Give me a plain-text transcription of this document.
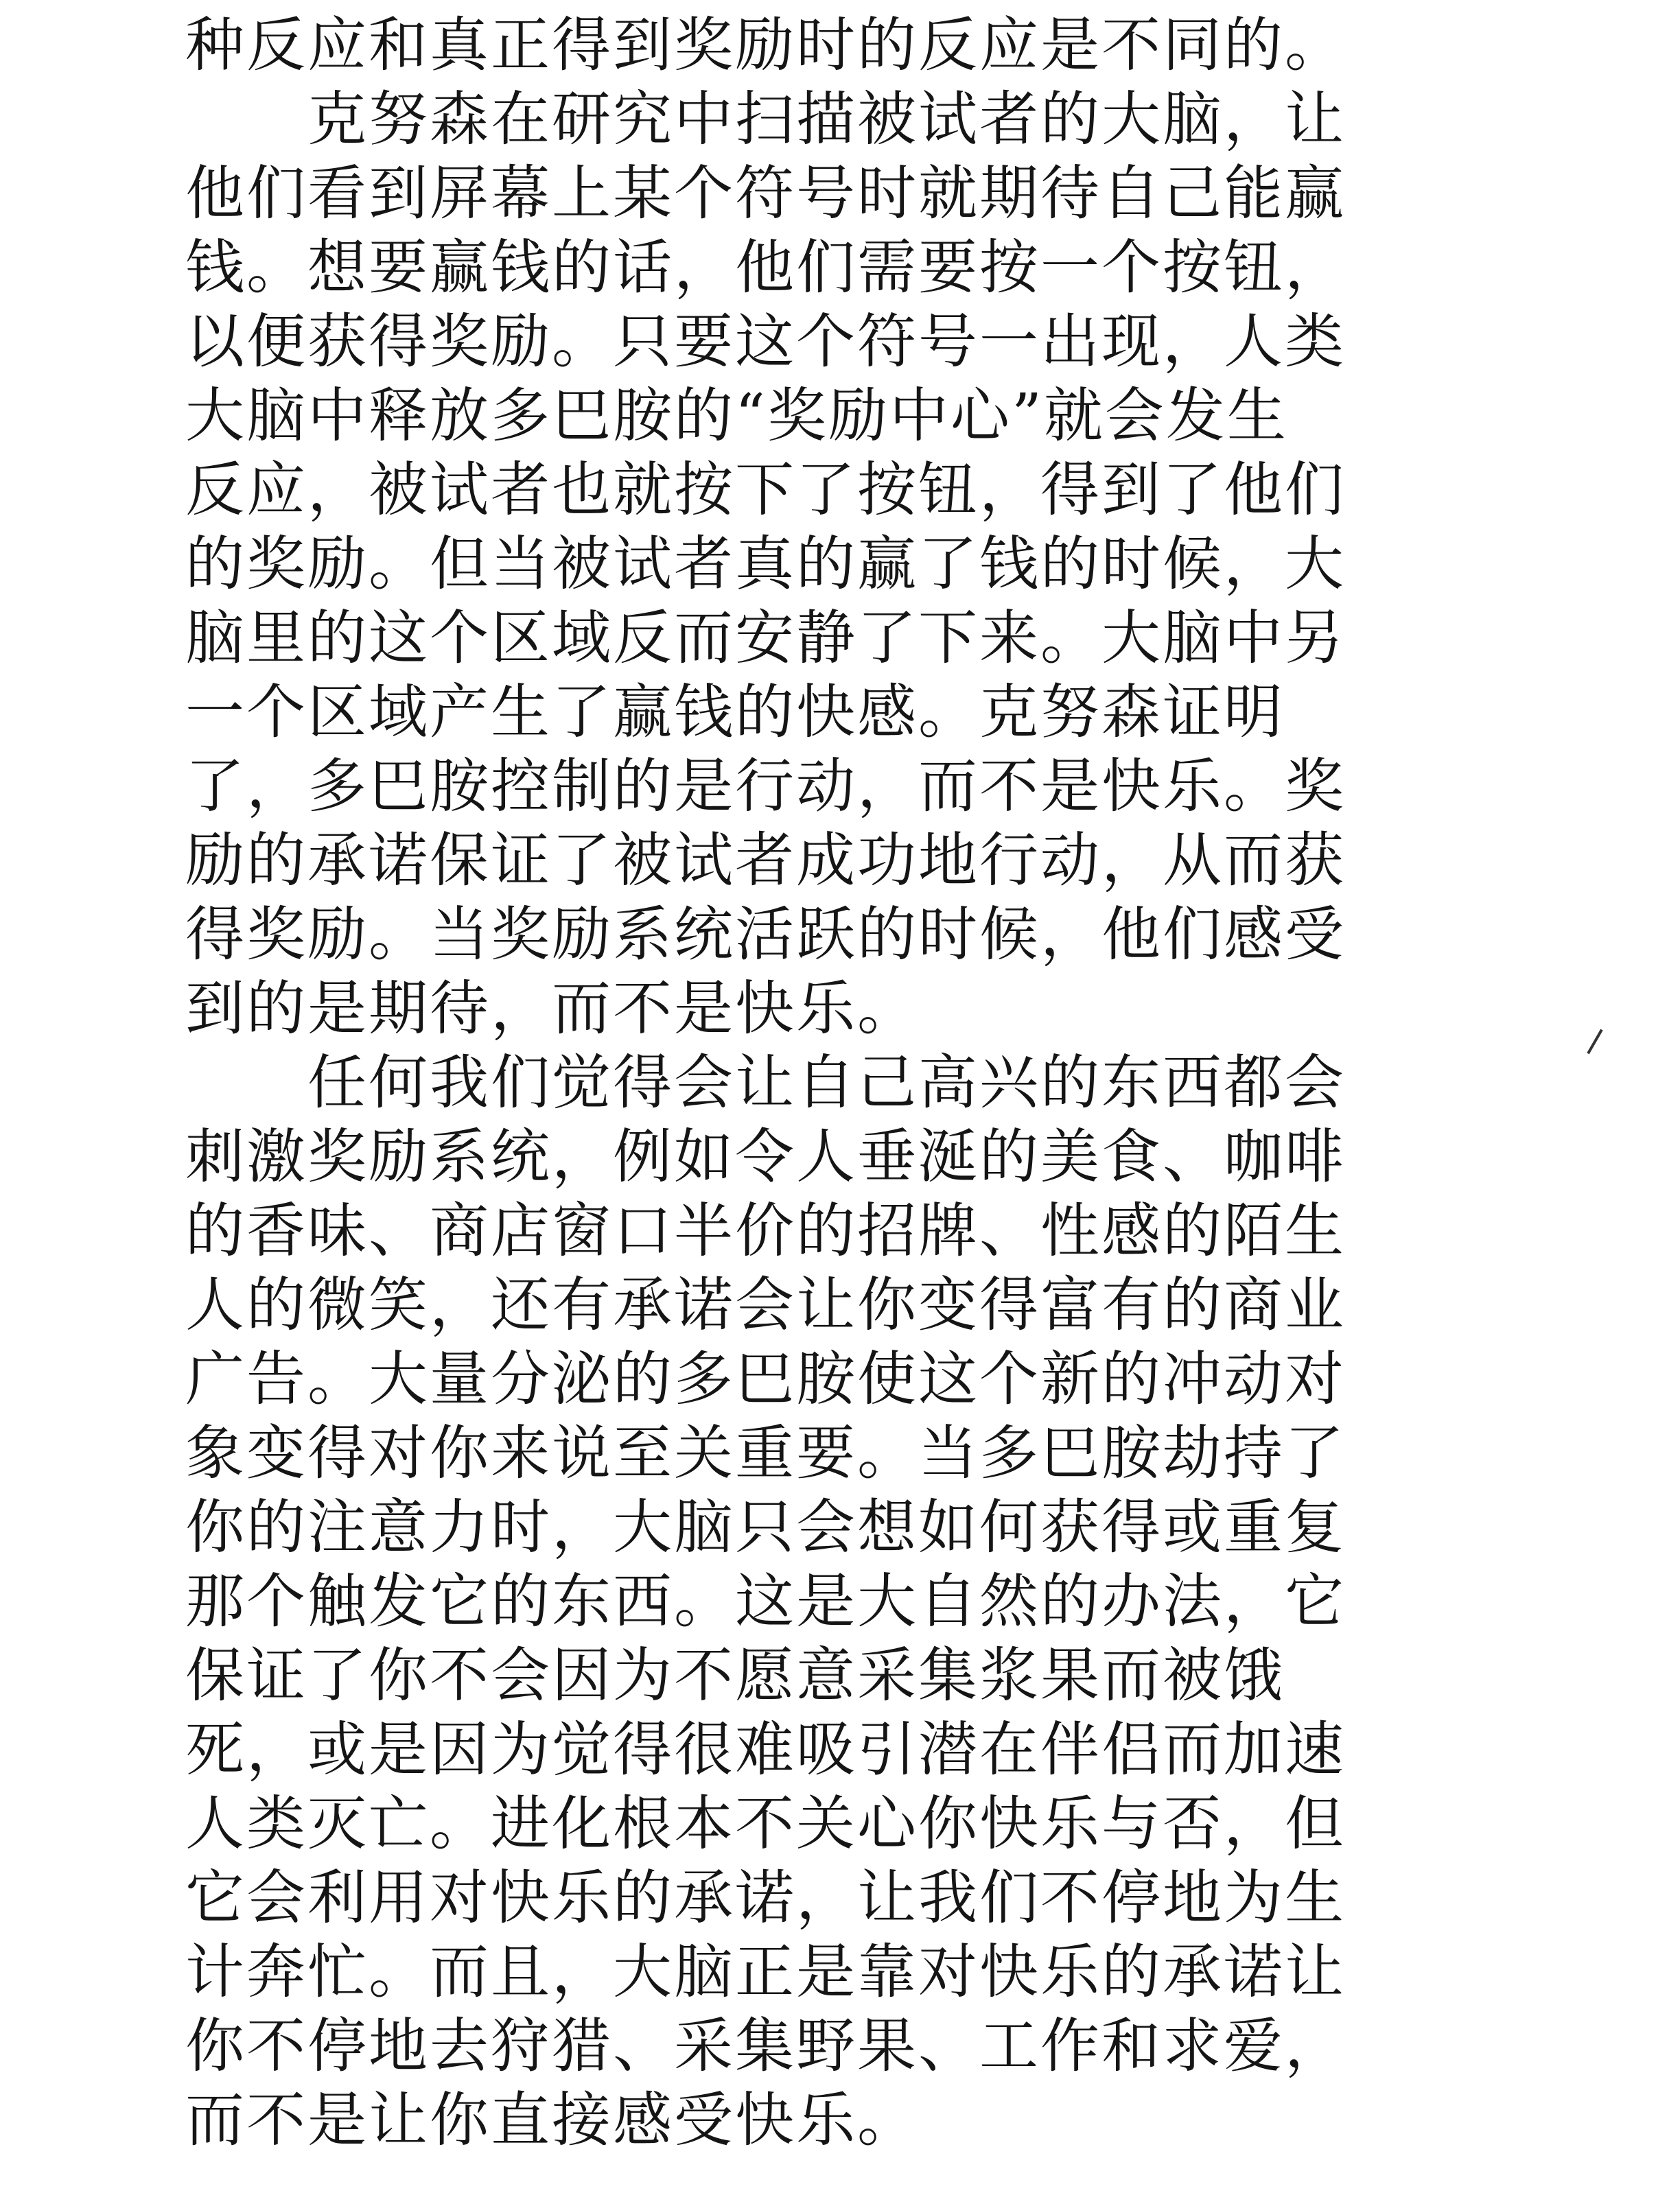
种反应和真正得到奖励时的反应是不同的。
　　克努森在研究中扫描被试者的大脑，让
他们看到屏幕上某个符号时就期待自己能赢
钱。想要赢钱的话，他们需要按一个按钮，
以便获得奖励。只要这个符号一出现，人类
大脑中释放多巴胺的“奖励中心”就会发生
反应，被试者也就按下了按钮，得到了他们
的奖励。但当被试者真的赢了钱的时候，大
脑里的这个区域反而安静了下来。大脑中另
一个区域产生了赢钱的快感。克努森证明
了，多巴胺控制的是行动，而不是快乐。奖
励的承诺保证了被试者成功地行动，从而获
得奖励。当奖励系统活跃的时候，他们感受
到的是期待，而不是快乐。
　　任何我们觉得会让自己高兴的东西都会
刺激奖励系统，例如令人垂涎的美食、咖啡
的香味、商店窗口半价的招牌、性感的陌生
人的微笑，还有承诺会让你变得富有的商业
广告。大量分泌的多巴胺使这个新的冲动对
象变得对你来说至关重要。当多巴胺劫持了
你的注意力时，大脑只会想如何获得或重复
那个触发它的东西。这是大自然的办法，它
保证了你不会因为不愿意采集浆果而被饿
死，或是因为觉得很难吸引潜在伴侣而加速
人类灭亡。进化根本不关心你快乐与否，但
它会利用对快乐的承诺，让我们不停地为生
计奔忙。而且，大脑正是靠对快乐的承诺让
你不停地去狩猎、采集野果、工作和求爱，
而不是让你直接感受快乐。
